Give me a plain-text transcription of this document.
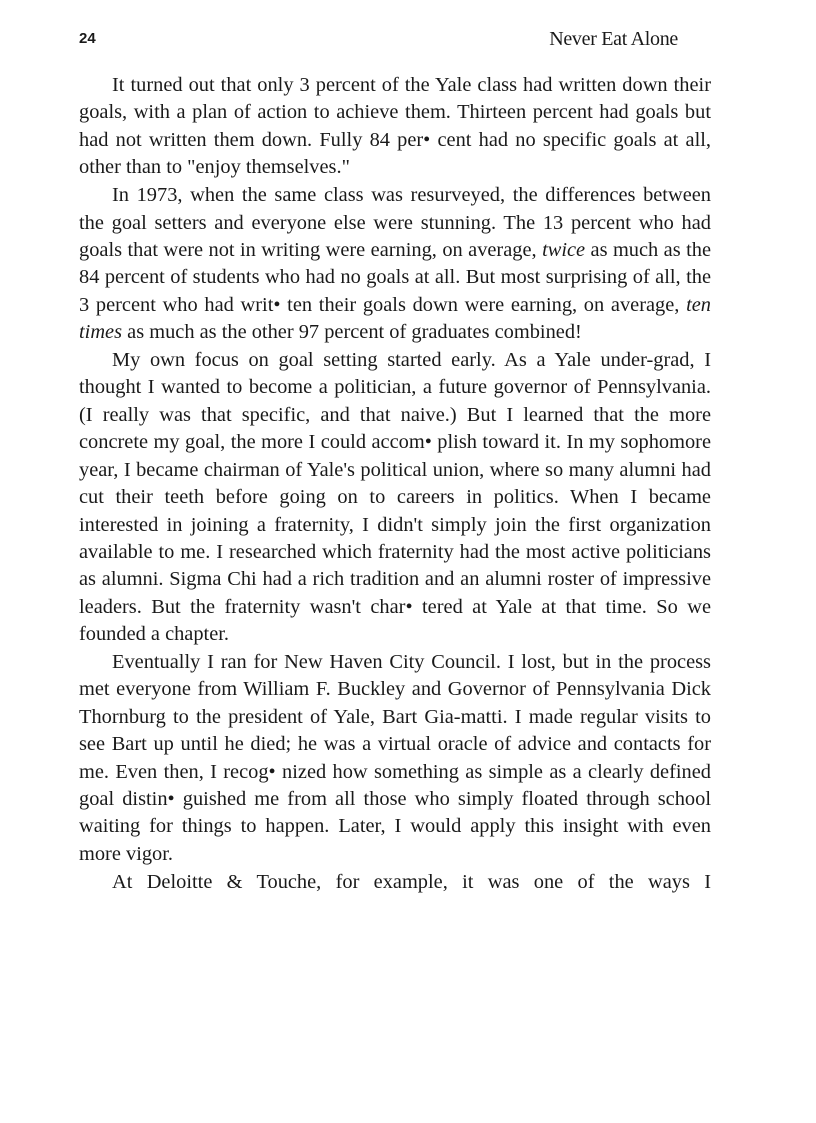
24	Never Eat Alone

It turned out that only 3 percent of the Yale class had written down their goals, with a plan of action to achieve them. Thirteen percent had goals but had not written them down. Fully 84 per• cent had no specific goals at all, other than to "enjoy themselves."

In 1973, when the same class was resurveyed, the differences between the goal setters and everyone else were stunning. The 13 percent who had goals that were not in writing were earning, on average, twice as much as the 84 percent of students who had no goals at all. But most surprising of all, the 3 percent who had writ• ten their goals down were earning, on average, ten times as much as the other 97 percent of graduates combined!

My own focus on goal setting started early. As a Yale under-grad, I thought I wanted to become a politician, a future governor of Pennsylvania. (I really was that specific, and that naive.) But I learned that the more concrete my goal, the more I could accom• plish toward it. In my sophomore year, I became chairman of Yale's political union, where so many alumni had cut their teeth before going on to careers in politics. When I became interested in joining a fraternity, I didn't simply join the first organization available to me. I researched which fraternity had the most active politicians as alumni. Sigma Chi had a rich tradition and an alumni roster of impressive leaders. But the fraternity wasn't char• tered at Yale at that time. So we founded a chapter.

Eventually I ran for New Haven City Council. I lost, but in the process met everyone from William F. Buckley and Governor of Pennsylvania Dick Thornburg to the president of Yale, Bart Gia-matti. I made regular visits to see Bart up until he died; he was a virtual oracle of advice and contacts for me. Even then, I recog• nized how something as simple as a clearly defined goal distin• guished me from all those who simply floated through school waiting for things to happen. Later, I would apply this insight with even more vigor.

At Deloitte & Touche, for example, it was one of the ways I
